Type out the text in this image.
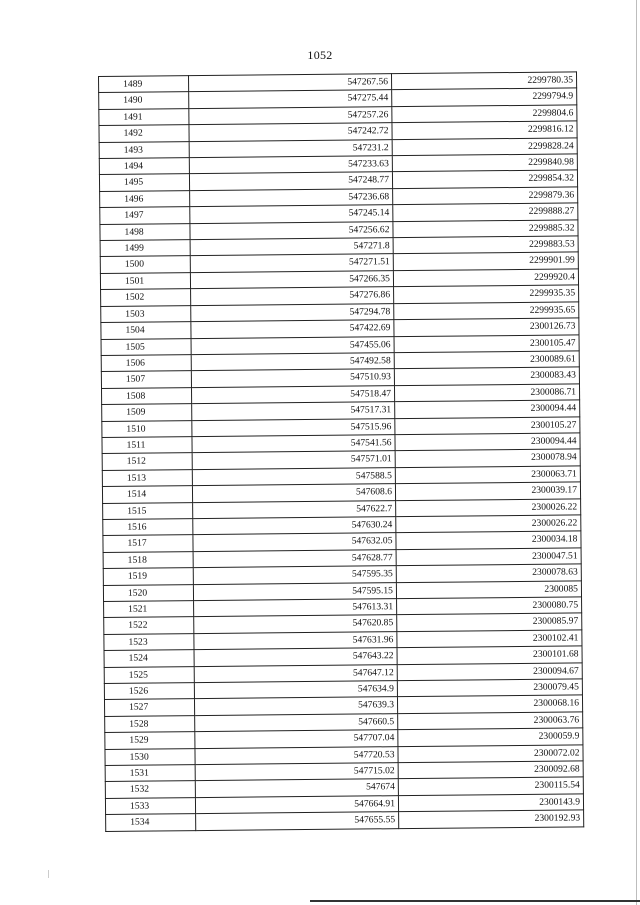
1052
1489	547267.56	2299780.35
1490	547275.44	2299794.9
1491	547257.26	2299804.6
1492	547242.72	2299816.12
1493	547231.2	2299828.24
1494	547233.63	2299840.98
1495	547248.77	2299854.32
1496	547236.68	2299879.36
1497	547245.14	2299888.27
1498	547256.62	2299885.32
1499	547271.8	2299883.53
1500	547271.51	2299901.99
1501	547266.35	2299920.4
1502	547276.86	2299935.35
1503	547294.78	2299935.65
1504	547422.69	2300126.73
1505	547455.06	2300105.47
1506	547492.58	2300089.61
1507	547510.93	2300083.43
1508	547518.47	2300086.71
1509	547517.31	2300094.44
1510	547515.96	2300105.27
1511	547541.56	2300094.44
1512	547571.01	2300078.94
1513	547588.5	2300063.71
1514	547608.6	2300039.17
1515	547622.7	2300026.22
1516	547630.24	2300026.22
1517	547632.05	2300034.18
1518	547628.77	2300047.51
1519	547595.35	2300078.63
1520	547595.15	2300085
1521	547613.31	2300080.75
1522	547620.85	2300085.97
1523	547631.96	2300102.41
1524	547643.22	2300101.68
1525	547647.12	2300094.67
1526	547634.9	2300079.45
1527	547639.3	2300068.16
1528	547660.5	2300063.76
1529	547707.04	2300059.9
1530	547720.53	2300072.02
1531	547715.02	2300092.68
1532	547674	2300115.54
1533	547664.91	2300143.9
1534	547655.55	2300192.93
